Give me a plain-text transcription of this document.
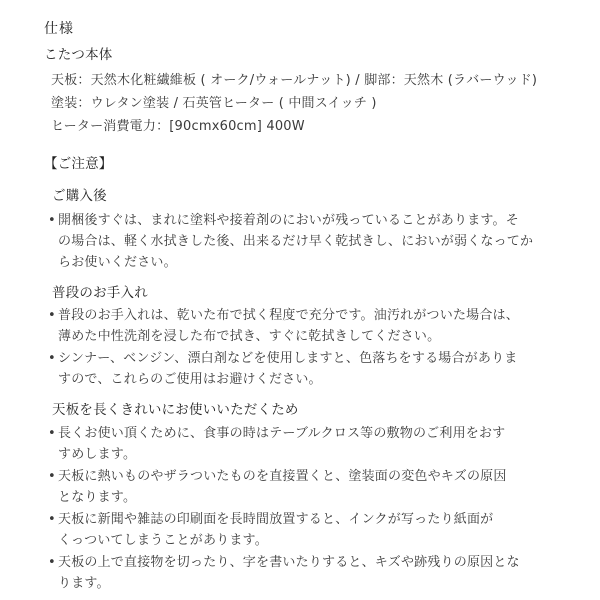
仕様
こたつ本体
天板：天然木化粧繊維板 ( オーク/ウォールナット) / 脚部：天然木 (ラバーウッド)
塗装：ウレタン塗装 / 石英管ヒーター ( 中間スイッチ )
ヒーター消費電力：[90cmx60cm] 400W
【ご注意】
ご購入後
• 開梱後すぐは、まれに塗料や接着剤のにおいが残っていることがあります。そ
の場合は、軽く水拭きした後、出来るだけ早く乾拭きし、においが弱くなってか
らお使いください。
普段のお手入れ
• 普段のお手入れは、乾いた布で拭く程度で充分です。油汚れがついた場合は、
薄めた中性洗剤を浸した布で拭き、すぐに乾拭きしてください。
• シンナー、ベンジン、漂白剤などを使用しますと、色落ちをする場合がありま
すので、これらのご使用はお避けください。
天板を長くきれいにお使いいただくため
• 長くお使い頂くために、食事の時はテーブルクロス等の敷物のご利用をおす
すめします。
• 天板に熱いものやザラついたものを直接置くと、塗装面の変色やキズの原因
となります。
• 天板に新聞や雑誌の印刷面を長時間放置すると、インクが写ったり紙面が
くっついてしまうことがあります。
• 天板の上で直接物を切ったり、字を書いたりすると、キズや跡残りの原因とな
ります。
